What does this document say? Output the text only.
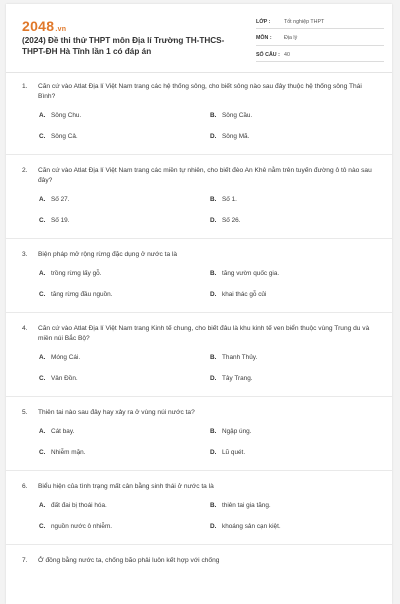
2048.vn
(2024) Đề thi thử THPT môn Địa lí Trường TH-THCS-THPT-ĐH Hà Tĩnh lần 1 có đáp án
LỚP :	Tốt nghiệp THPT
MÔN :	Địa lý
SỐ CÂU : 40
1.	Căn cứ vào Atlat Địa lí Việt Nam trang các hệ thống sông, cho biết sông nào sau đây thuộc hệ thống sông Thái Bình?
A. Sông Chu.	B. Sông Cầu.
C. Sông Cả.	D. Sông Mã.
2.	Căn cứ vào Atlat Địa lí Việt Nam trang các miền tự nhiên, cho biết đèo An Khê nằm trên tuyến đường ô tô nào sau đây?
A. Số 27.	B. Số 1.
C. Số 19.	D. Số 26.
3.	Biện pháp mở rộng rừng đặc dụng ở nước ta là
A. trồng rừng lấy gỗ.	B. tăng vườn quốc gia.
C. tăng rừng đầu nguồn.	D. khai thác gỗ củi
4.	Căn cứ vào Atlat Địa lí Việt Nam trang Kinh tế chung, cho biết đâu là khu kinh tế ven biển thuộc vùng Trung du và miền núi Bắc Bộ?
A. Móng Cái.	B. Thanh Thủy.
C. Vân Đồn.	D. Tây Trang.
5.	Thiên tai nào sau đây hay xảy ra ở vùng núi nước ta?
A. Cát bay.	B. Ngập úng.
C. Nhiễm mặn.	D. Lũ quét.
6.	Biểu hiện của tình trạng mất cân bằng sinh thái ở nước ta là
A. đất đai bị thoái hóa.	B. thiên tai gia tăng.
C. nguồn nước ô nhiễm.	D. khoáng sản cạn kiệt.
7.	Ở đồng bằng nước ta, chống bão phải luôn kết hợp với chống
